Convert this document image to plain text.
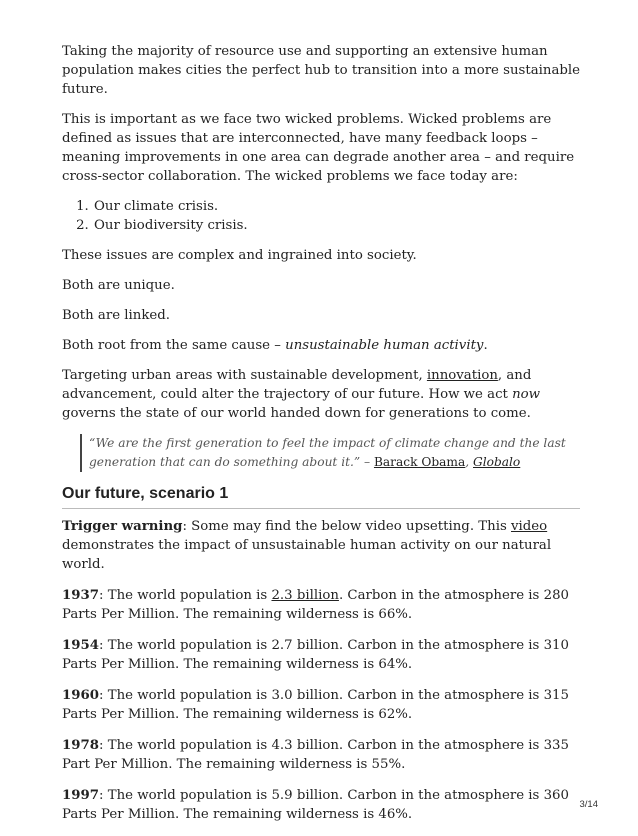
Taking the majority of resource use and supporting an extensive human population makes cities the perfect hub to transition into a more sustainable future.

This is important as we face two wicked problems. Wicked problems are defined as issues that are interconnected, have many feedback loops – meaning improvements in one area can degrade another area – and require cross-sector collaboration. The wicked problems we face today are:

1. Our climate crisis.
2. Our biodiversity crisis.

These issues are complex and ingrained into society.

Both are unique.

Both are linked.

Both root from the same cause – unsustainable human activity.

Targeting urban areas with sustainable development, innovation, and advancement, could alter the trajectory of our future. How we act now governs the state of our world handed down for generations to come.

“We are the first generation to feel the impact of climate change and the last generation that can do something about it.” – Barack Obama, Globalo
Our future, scenario 1

Trigger warning: Some may find the below video upsetting. This video demonstrates the impact of unsustainable human activity on our natural world.

1937: The world population is 2.3 billion. Carbon in the atmosphere is 280 Parts Per Million. The remaining wilderness is 66%.

1954: The world population is 2.7 billion. Carbon in the atmosphere is 310 Parts Per Million. The remaining wilderness is 64%.

1960: The world population is 3.0 billion. Carbon in the atmosphere is 315 Parts Per Million. The remaining wilderness is 62%.

1978: The world population is 4.3 billion. Carbon in the atmosphere is 335 Part Per Million. The remaining wilderness is 55%.

1997: The world population is 5.9 billion. Carbon in the atmosphere is 360 Parts Per Million. The remaining wilderness is 46%.

3/14
